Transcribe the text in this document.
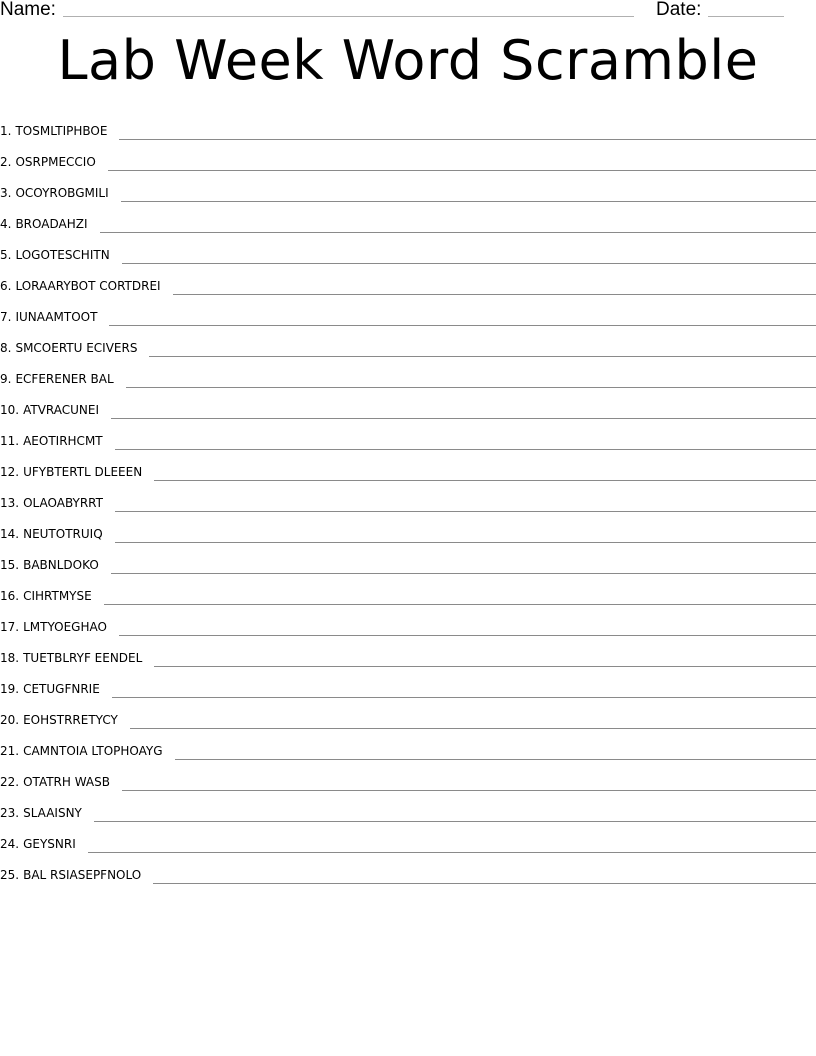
Name:	Date:
Lab Week Word Scramble
1. TOSMLTIPHBOE
2. OSRPMECCIO
3. OCOYROBGMILI
4. BROADAHZI
5. LOGOTESCHITN
6. LORAARYBOT CORTDREI
7. IUNAAMTOOT
8. SMCOERTU ECIVERS
9. ECFERENER BAL
10. ATVRACUNEI
11. AEOTIRHCMT
12. UFYBTERTL DLEEEN
13. OLAOABYRRT
14. NEUTOTRUIQ
15. BABNLDOKO
16. CIHRTMYSE
17. LMTYOEGHAO
18. TUETBLRYF EENDEL
19. CETUGFNRIE
20. EOHSTRRETYCY
21. CAMNTOIA LTOPHOAYG
22. OTATRH WASB
23. SLAAISNY
24. GEYSNRI
25. BAL RSIASEPFNOLO
